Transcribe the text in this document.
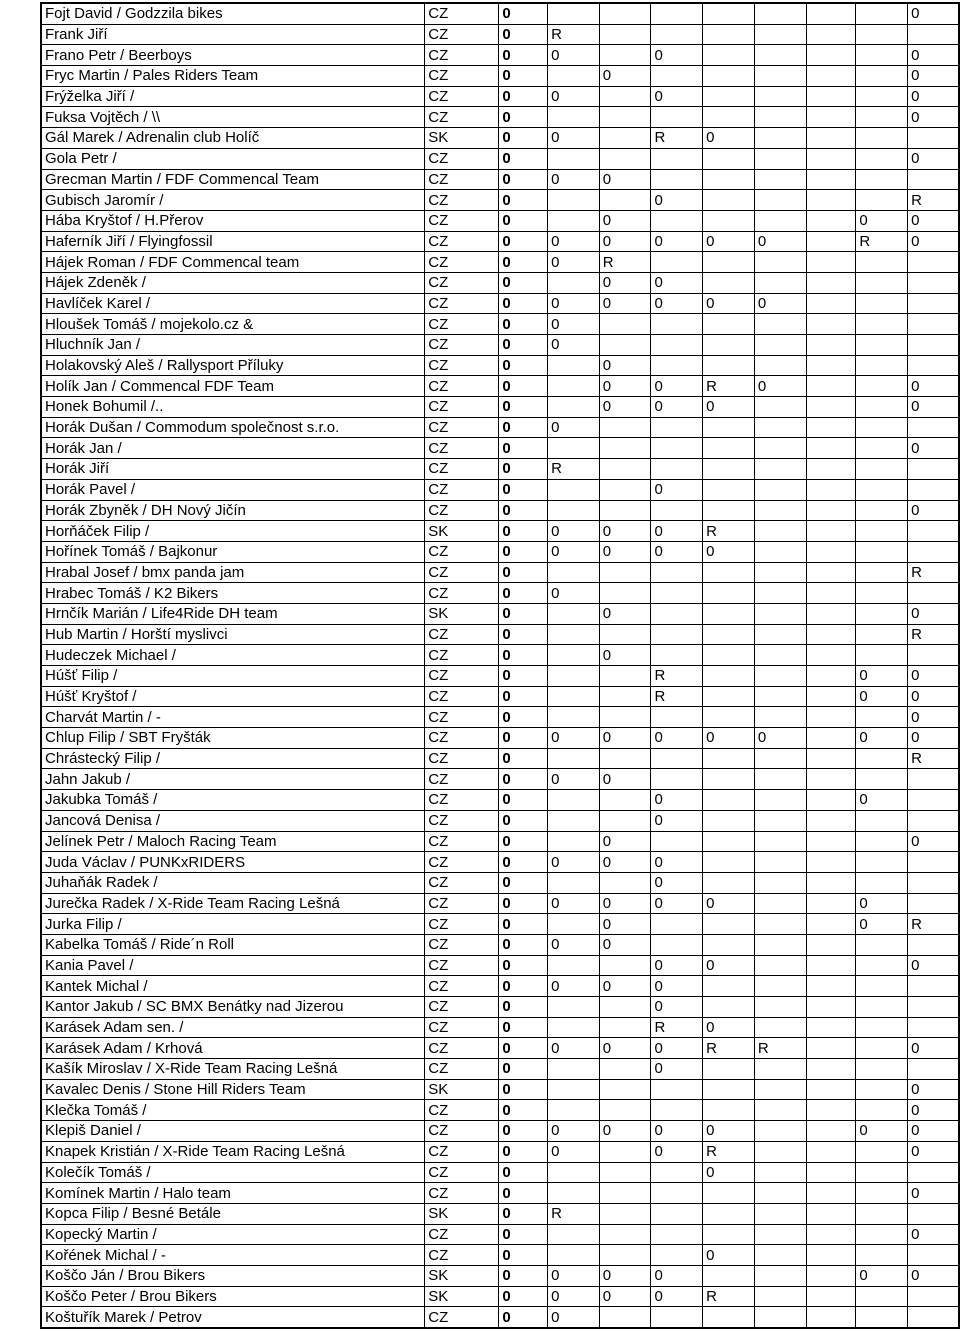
Fojt David / Godzzila bikes	CZ	0								0
Frank Jiří	CZ	0	R							
Frano Petr / Beerboys	CZ	0	0		0					0
Fryc Martin / Pales Riders Team	CZ	0		0						0
Frýželka Jiří /	CZ	0	0		0					0
Fuksa Vojtěch / \\	CZ	0								0
Gál Marek / Adrenalin club Holíč	SK	0	0		R	0				
Gola Petr /	CZ	0								0
Grecman Martin / FDF Commencal Team	CZ	0	0	0						
Gubisch Jaromír /	CZ	0			0					R
Hába Kryštof / H.Přerov	CZ	0		0					0	0
Haferník Jiří / Flyingfossil	CZ	0	0	0	0	0	0		R	0
Hájek Roman / FDF Commencal team	CZ	0	0	R						
Hájek Zdeněk /	CZ	0		0	0					
Havlíček Karel /	CZ	0	0	0	0	0	0			
Hloušek Tomáš / mojekolo.cz &	CZ	0	0							
Hluchník Jan /	CZ	0	0							
Holakovský Aleš / Rallysport Příluky	CZ	0		0						
Holík Jan / Commencal FDF Team	CZ	0		0	0	R	0			0
Honek Bohumil /..	CZ	0		0	0	0				0
Horák Dušan / Commodum společnost s.r.o.	CZ	0	0							
Horák Jan /	CZ	0								0
Horák Jiří	CZ	0	R							
Horák Pavel /	CZ	0			0					
Horák Zbyněk / DH Nový Jičín	CZ	0								0
Horňáček Filip /	SK	0	0	0	0	R				
Hořínek Tomáš / Bajkonur	CZ	0	0	0	0	0				
Hrabal Josef / bmx panda jam	CZ	0								R
Hrabec Tomáš / K2 Bikers	CZ	0	0							
Hrnčík Marián / Life4Ride DH team	SK	0		0						0
Hub Martin / Horští myslivci	CZ	0								R
Hudeczek Michael /	CZ	0		0						
Húšť Filip /	CZ	0			R				0	0
Húšť Kryštof /	CZ	0			R				0	0
Charvát Martin / -	CZ	0								0
Chlup Filip / SBT Fryšták	CZ	0	0	0	0	0	0		0	0
Chrástecký Filip /	CZ	0								R
Jahn Jakub /	CZ	0	0	0						
Jakubka Tomáš /	CZ	0			0				0	
Jancová Denisa /	CZ	0			0					
Jelínek Petr / Maloch Racing Team	CZ	0		0						0
Juda Václav / PUNKxRIDERS	CZ	0	0	0	0					
Juhaňák Radek /	CZ	0			0					
Jurečka Radek / X-Ride Team Racing Lešná	CZ	0	0	0	0	0			0	
Jurka Filip /	CZ	0		0					0	R
Kabelka Tomáš / Ride´n Roll	CZ	0	0	0						
Kania Pavel /	CZ	0			0	0				0
Kantek Michal /	CZ	0	0	0	0					
Kantor Jakub / SC BMX Benátky nad Jizerou	CZ	0			0					
Karásek Adam sen. /	CZ	0			R	0				
Karásek Adam / Krhová	CZ	0	0	0	0	R	R			0
Kašík Miroslav / X-Ride Team Racing Lešná	CZ	0			0					
Kavalec Denis / Stone Hill Riders Team	SK	0								0
Klečka Tomáš /	CZ	0								0
Klepiš Daniel /	CZ	0	0	0	0	0			0	0
Knapek Kristián / X-Ride Team Racing Lešná	CZ	0	0		0	R				0
Kolečík Tomáš /	CZ	0				0				
Komínek Martin / Halo team	CZ	0								0
Kopca Filip / Besné Betále	SK	0	R							
Kopecký Martin /	CZ	0								0
Kořének Michal / -	CZ	0				0				
Koščo Ján / Brou Bikers	SK	0	0	0	0				0	0
Koščo Peter / Brou Bikers	SK	0	0	0	0	R				
Koštuřík Marek / Petrov	CZ	0	0							
